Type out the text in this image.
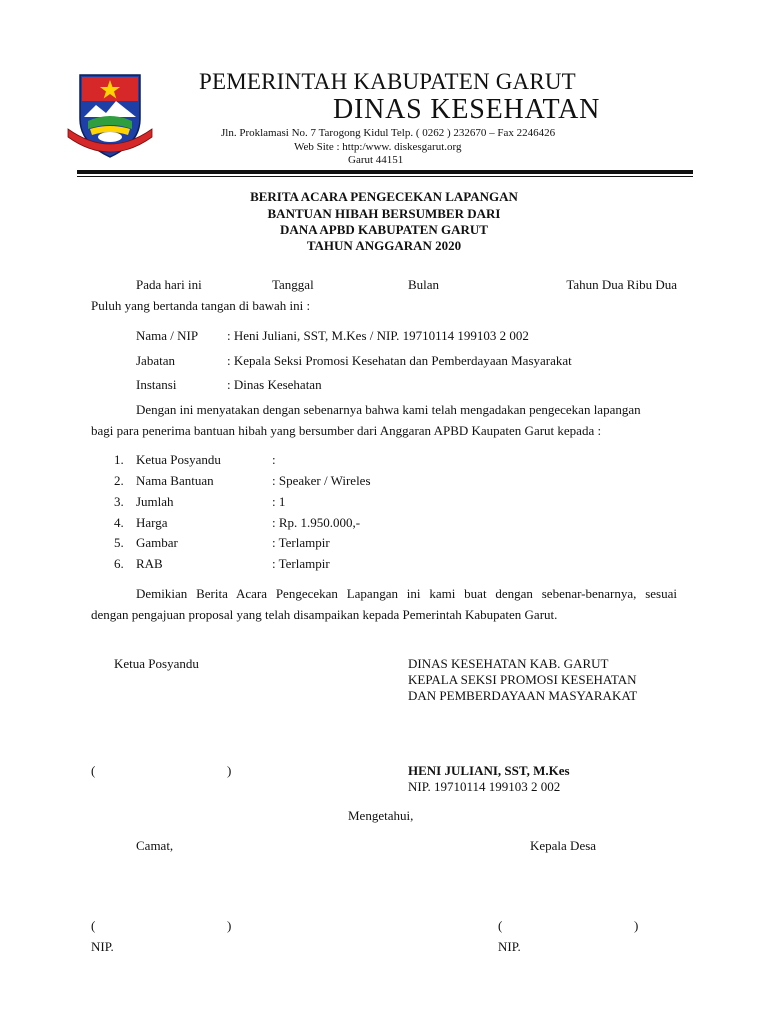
PEMERINTAH KABUPATEN GARUT
DINAS KESEHATAN
Jln. Proklamasi No. 7 Tarogong Kidul Telp. ( 0262 ) 232670 – Fax 2246426
Web Site : http:/www. diskesgarut.org
Garut 44151
BERITA ACARA PENGECEKAN LAPANGAN
BANTUAN HIBAH BERSUMBER DARI
DANA APBD KABUPATEN GARUT
TAHUN ANGGARAN 2020
Pada hari ini	Tanggal	Bulan	Tahun Dua Ribu Dua
Puluh yang bertanda tangan di bawah ini :
Nama / NIP : Heni Juliani, SST, M.Kes / NIP. 19710114 199103 2 002
Jabatan	: Kepala Seksi Promosi Kesehatan dan Pemberdayaan Masyarakat
Instansi	: Dinas Kesehatan
Dengan ini menyatakan dengan sebenarnya bahwa kami telah mengadakan pengecekan lapangan
bagi para penerima bantuan hibah yang bersumber dari Anggaran APBD Kaupaten Garut kepada :
1. Ketua Posyandu	:
2. Nama Bantuan	: Speaker / Wireles
3. Jumlah	: 1
4. Harga	: Rp. 1.950.000,-
5. Gambar	: Terlampir
6. RAB	: Terlampir
Demikian Berita Acara Pengecekan Lapangan ini kami buat dengan sebenar-benarnya, sesuai
dengan pengajuan proposal yang telah disampaikan kepada Pemerintah Kabupaten Garut.
Ketua Posyandu	DINAS KESEHATAN KAB. GARUT
KEPALA SEKSI PROMOSI KESEHATAN
DAN PEMBERDAYAAN MASYARAKAT
(	)	HENI JULIANI, SST, M.Kes
NIP. 19710114 199103 2 002
Mengetahui,
Camat,	Kepala Desa
(	)	(	)
NIP.	NIP.
